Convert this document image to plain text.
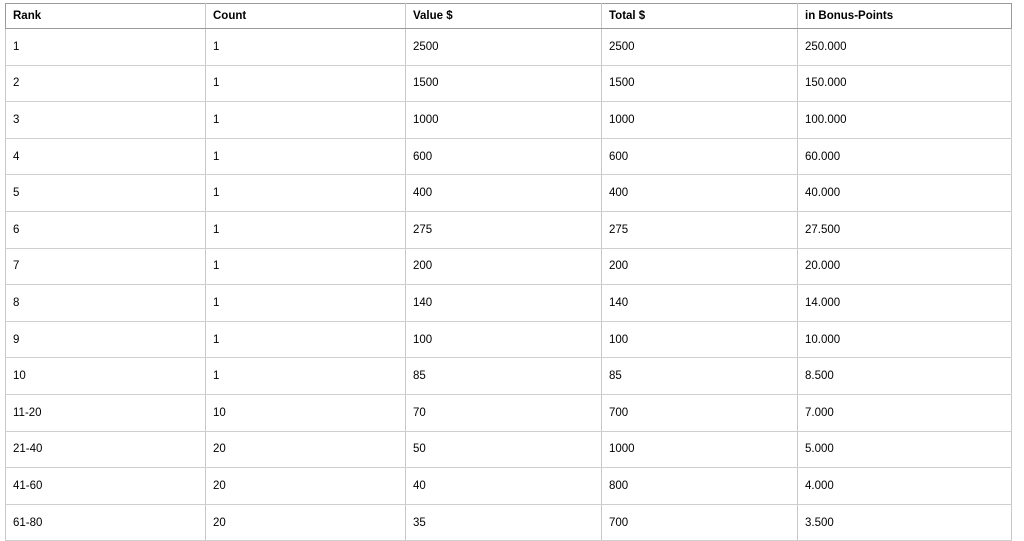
Rank	Count	Value $	Total $	in Bonus-Points
1	1	2500	2500	250.000
2	1	1500	1500	150.000
3	1	1000	1000	100.000
4	1	600	600	60.000
5	1	400	400	40.000
6	1	275	275	27.500
7	1	200	200	20.000
8	1	140	140	14.000
9	1	100	100	10.000
10	1	85	85	8.500
11-20	10	70	700	7.000
21-40	20	50	1000	5.000
41-60	20	40	800	4.000
61-80	20	35	700	3.500
